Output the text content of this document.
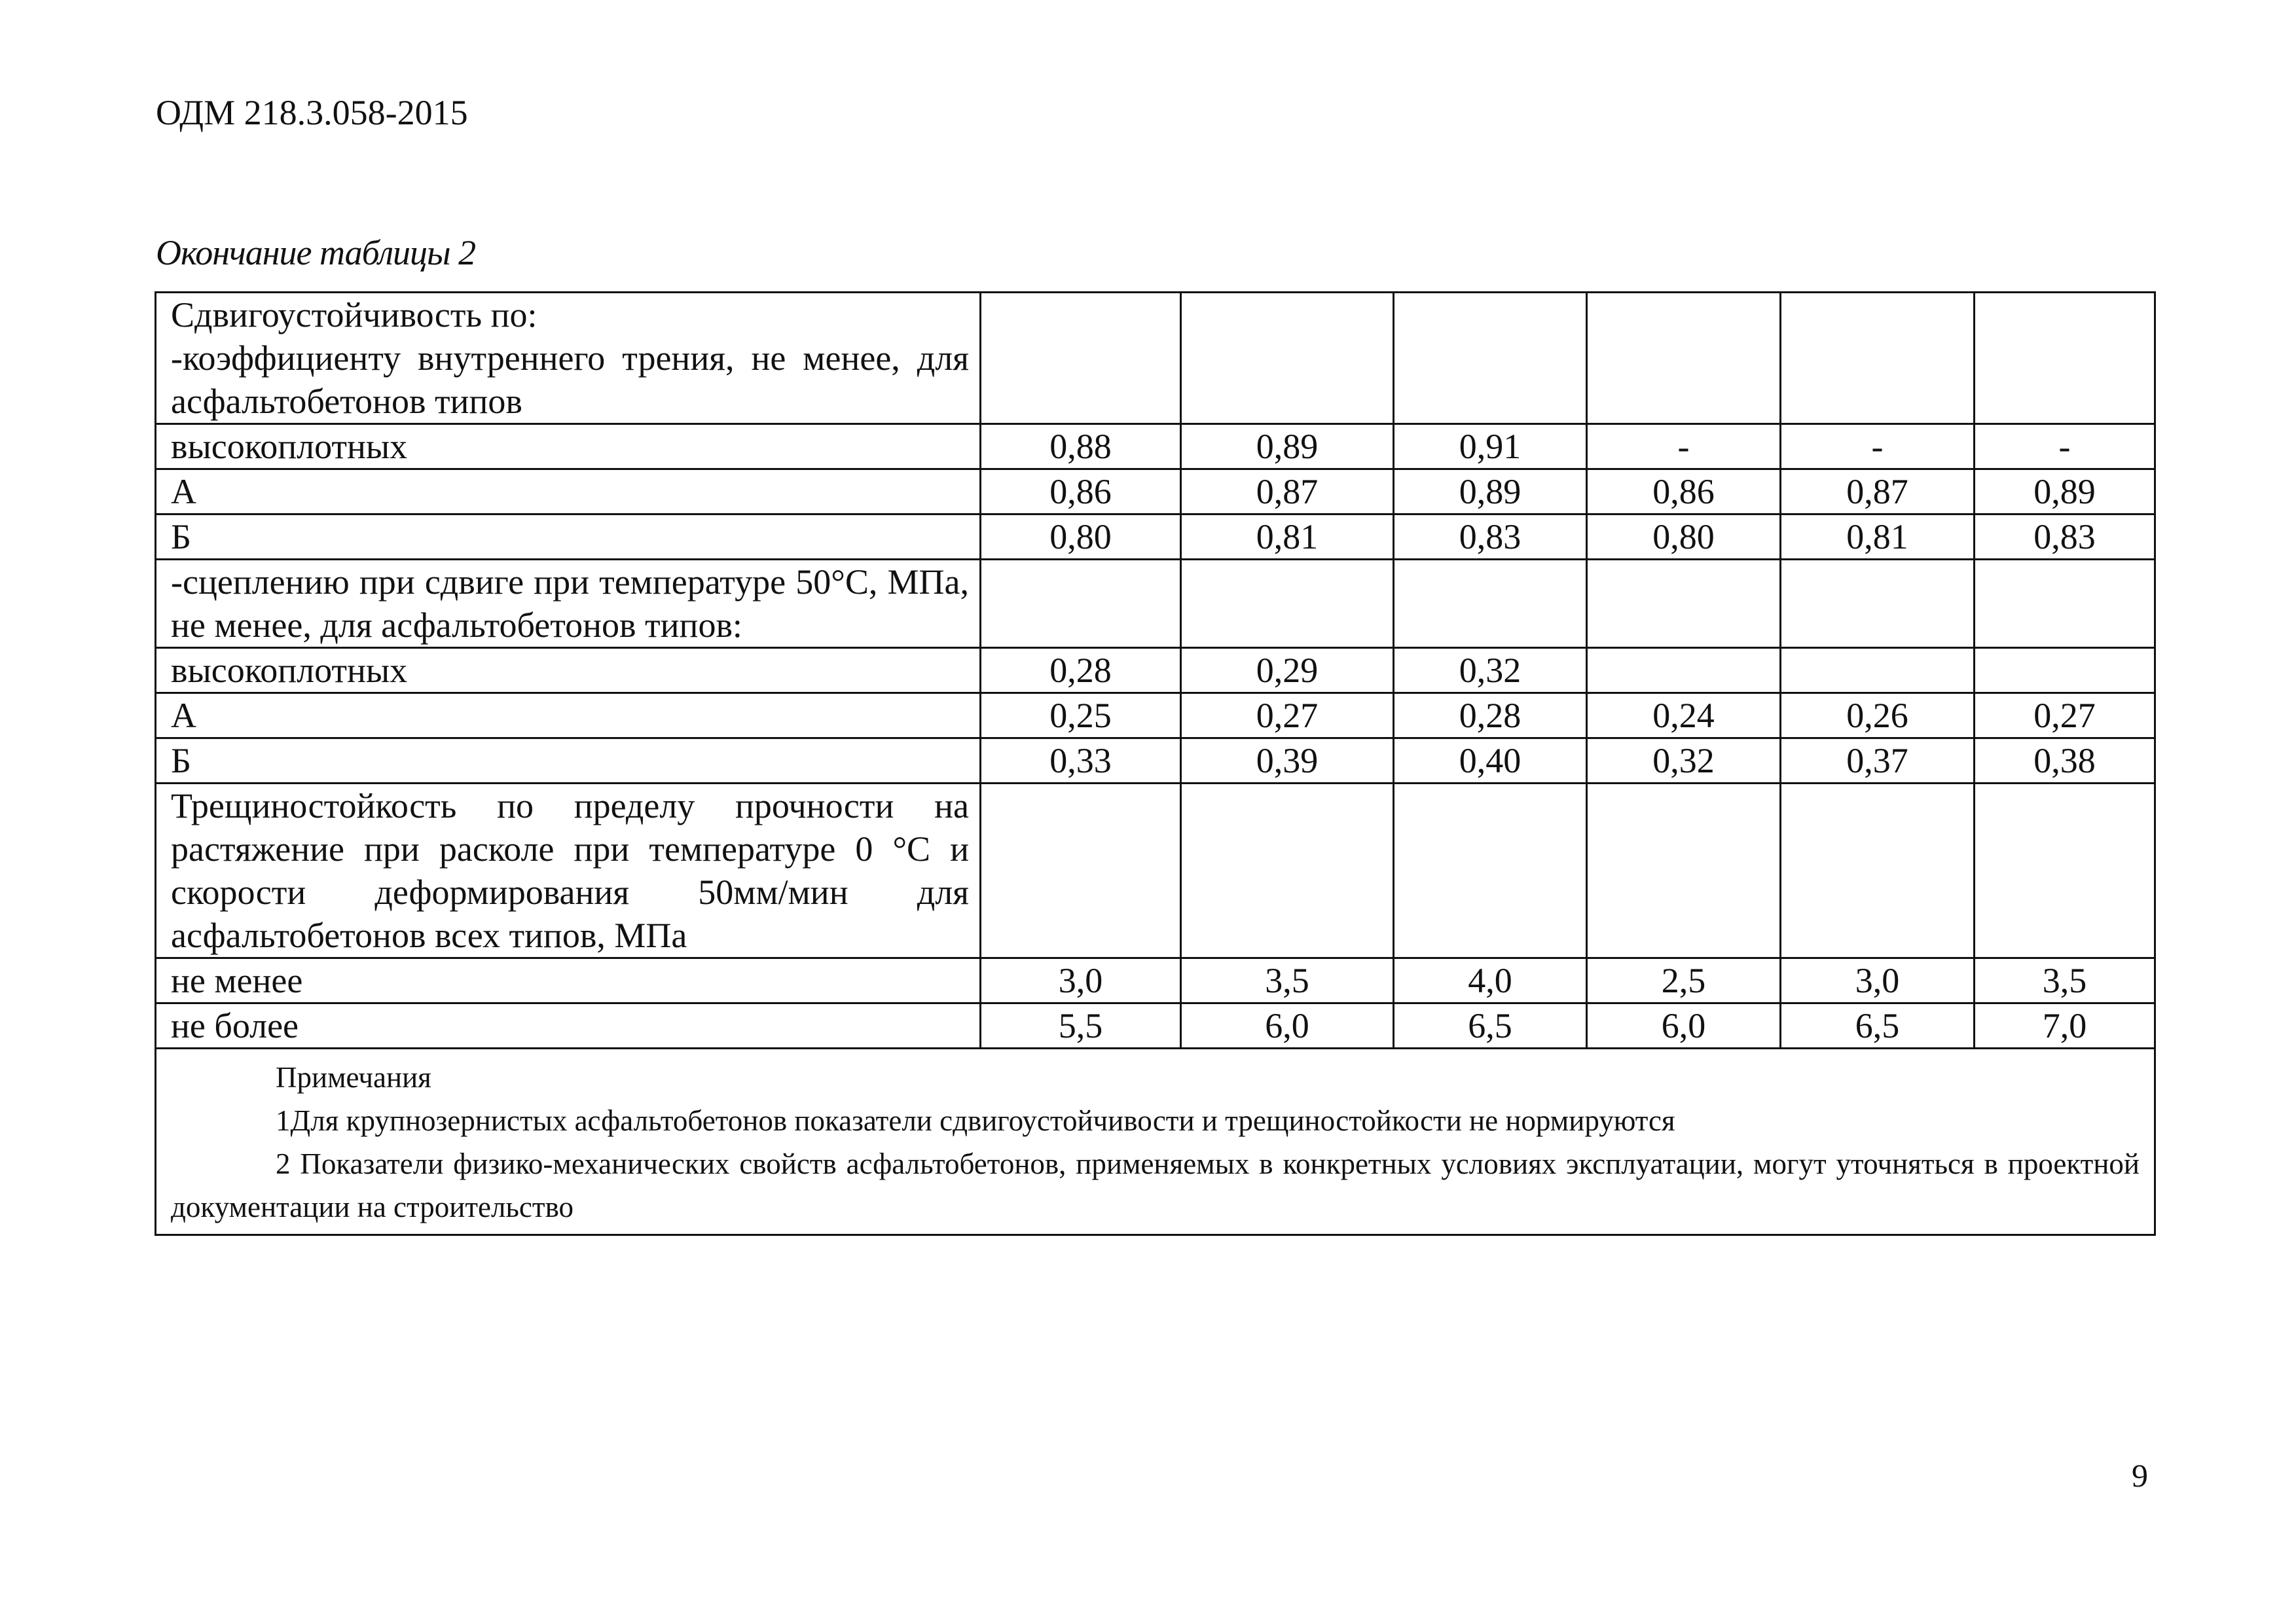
ОДМ 218.3.058-2015

Окончание таблицы 2

Сдвигоустойчивость по:
-коэффициенту внутреннего трения, не менее, для асфальтобетонов типов						
высокоплотных	0,88	0,89	0,91	-	-	-
А	0,86	0,87	0,89	0,86	0,87	0,89
Б	0,80	0,81	0,83	0,80	0,81	0,83
-сцеплению при сдвиге при температуре 50°С, МПа, не менее, для асфальтобетонов типов:						
высокоплотных	0,28	0,29	0,32			
А	0,25	0,27	0,28	0,24	0,26	0,27
Б	0,33	0,39	0,40	0,32	0,37	0,38
Трещиностойкость по пределу прочности на растяжение при расколе при температуре 0 °С и скорости деформирования 50мм/мин для асфальтобетонов всех типов, МПа						
не менее	3,0	3,5	4,0	2,5	3,0	3,5
не более	5,5	6,0	6,5	6,0	6,5	7,0

Примечания
1Для крупнозернистых асфальтобетонов показатели сдвигоустойчивости и трещиностойкости не нормируются
2 Показатели физико-механических свойств асфальтобетонов, применяемых в конкретных условиях эксплуатации, могут уточняться в проектной документации на строительство						

9
